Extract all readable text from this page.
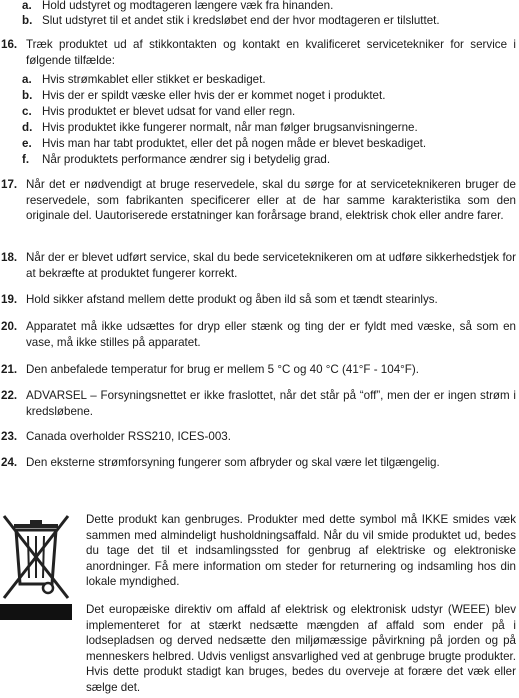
a. Hold udstyret og modtageren længere væk fra hinanden.
b. Slut udstyret til et andet stik i kredsløbet end der hvor modtageren er tilsluttet.
16. Træk produktet ud af stikkontakten og kontakt en kvalificeret servicetekniker for service i følgende tilfælde:
a. Hvis strømkablet eller stikket er beskadiget.
b. Hvis der er spildt væske eller hvis der er kommet noget i produktet.
c. Hvis produktet er blevet udsat for vand eller regn.
d. Hvis produktet ikke fungerer normalt, når man følger brugsanvisningerne.
e. Hvis man har tabt produktet, eller det på nogen måde er blevet beskadiget.
f.	Når produktets performance ændrer sig i betydelig grad.
17. Når det er nødvendigt at bruge reservedele, skal du sørge for at serviceteknikeren bruger de reservedele, som fabrikanten specificerer eller at de har samme karakteristika som den originale del. Uautoriserede erstatninger kan forårsage brand, elektrisk chok eller andre farer.
18. Når der er blevet udført service, skal du bede serviceteknikeren om at udføre sikkerhedstjek for at bekræfte at produktet fungerer korrekt.
19. Hold sikker afstand mellem dette produkt og åben ild så som et tændt stearinlys.
20. Apparatet må ikke udsættes for dryp eller stænk og ting der er fyldt med væske, så som en vase, må ikke stilles på apparatet.
21. Den anbefalede temperatur for brug er mellem 5 °C og 40 °C (41°F - 104°F).
22. ADVARSEL – Forsyningsnettet er ikke fraslottet, når det står på “off”, men der er ingen strøm i kredsløbene.
23. Canada overholder RSS210, ICES-003.
24. Den eksterne strømforsyning fungerer som afbryder og skal være let tilgængelig.
Dette produkt kan genbruges. Produkter med dette symbol må IKKE smides væk sammen med almindeligt husholdningsaffald. Når du vil smide produktet ud, bedes du tage det til et indsamlingssted for genbrug af elektriske og elektroniske anordninger. Få mere information om steder for returnering og indsamling hos din lokale myndighed.
Det europæiske direktiv om affald af elektrisk og elektronisk udstyr (WEEE) blev implementeret for at stærkt nedsætte mængden af affald som ender på i lodsepladsen og derved nedsætte den miljømæssige påvirkning på jorden og på menneskers helbred. Udvis venligst ansvarlighed ved at genbruge brugte produkter. Hvis dette produkt stadigt kan bruges, bedes du overveje at forære det væk eller sælge det.
